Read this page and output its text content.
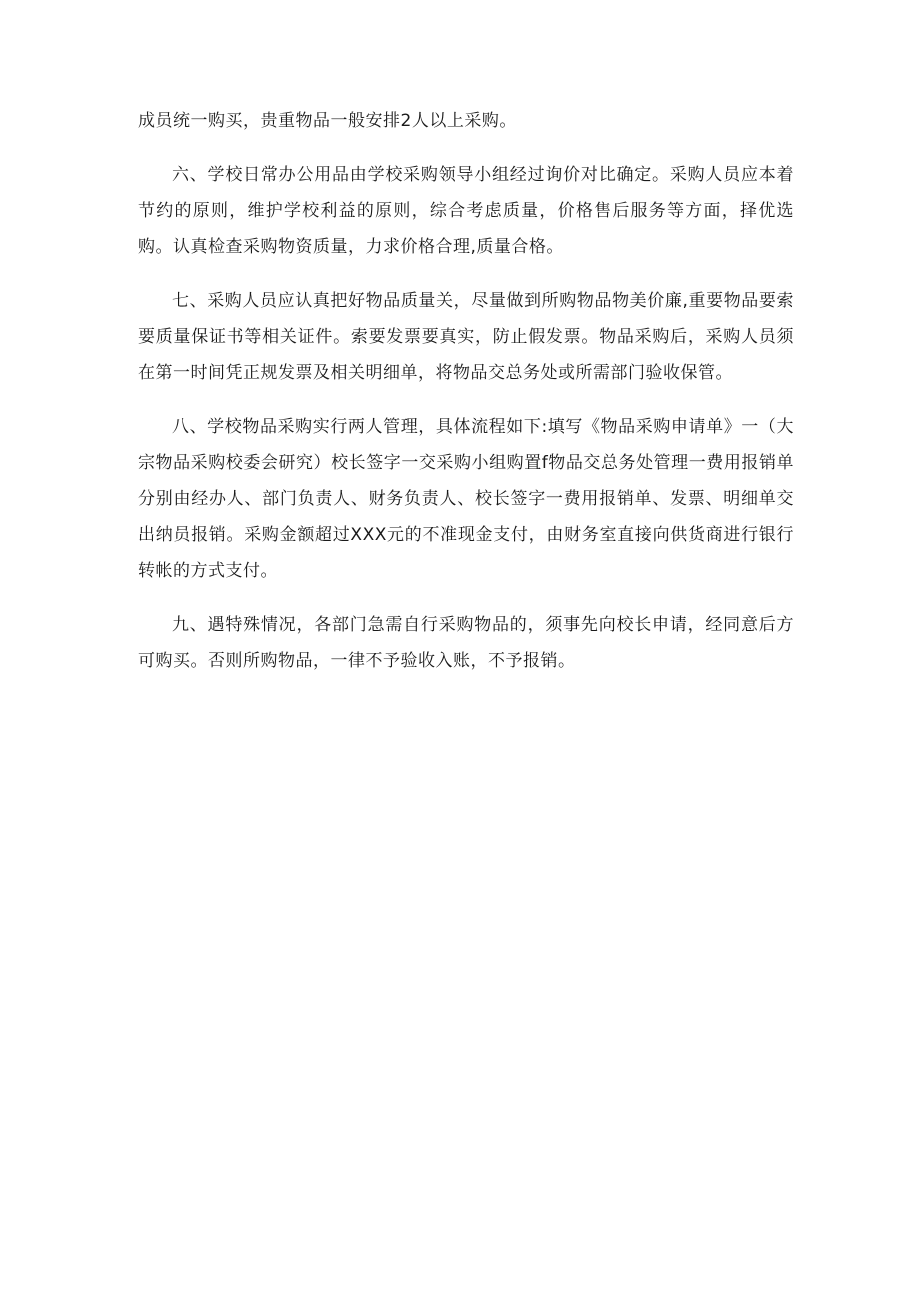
成员统一购买，贵重物品一般安排2人以上采购。

六、学校日常办公用品由学校采购领导小组经过询价对比确定。采购人员应本着节约的原则，维护学校利益的原则，综合考虑质量，价格售后服务等方面，择优选购。认真检查采购物资质量，力求价格合理,质量合格。

七、采购人员应认真把好物品质量关，尽量做到所购物品物美价廉,重要物品要索要质量保证书等相关证件。索要发票要真实，防止假发票。物品采购后，采购人员须在第一时间凭正规发票及相关明细单，将物品交总务处或所需部门验收保管。

八、学校物品采购实行两人管理，具体流程如下:填写《物品采购申请单》一（大宗物品采购校委会研究）校长签字一交采购小组购置f物品交总务处管理一费用报销单分别由经办人、部门负责人、财务负责人、校长签字一费用报销单、发票、明细单交出纳员报销。采购金额超过XXX元的不准现金支付，由财务室直接向供货商进行银行转帐的方式支付。

九、遇特殊情况，各部门急需自行采购物品的，须事先向校长申请，经同意后方可购买。否则所购物品，一律不予验收入账，不予报销。
